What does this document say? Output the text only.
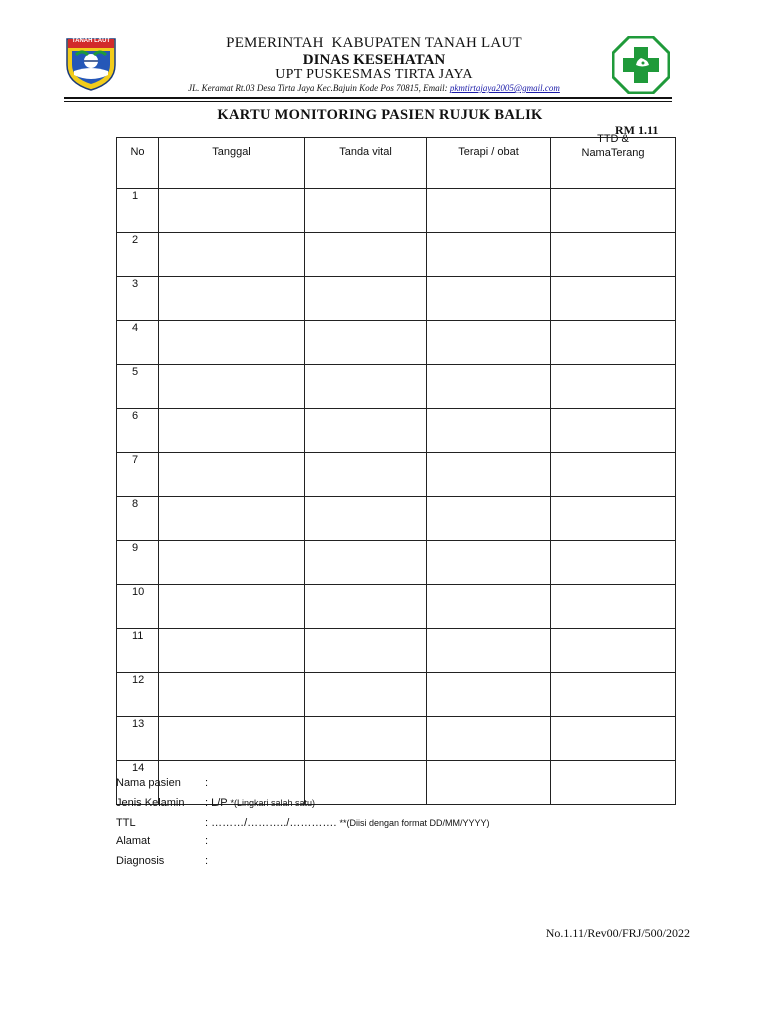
TANAH LAUT	PEMERINTAH  KABUPATEN TANAH LAUT
DINAS KESEHATAN
UPT PUSKESMAS TIRTA JAYA
JL. Keramat Rt.03 Desa Tirta Jaya Kec.Bajuin Kode Pos 70815, Email: pkmtirtajaya2005@gmail.com
KARTU MONITORING PASIEN RUJUK BALIK
RM 1.11
No	Tanggal	Tanda vital	Terapi / obat	TTD &
NamaTerang
1				
2				
3				
4				
5				
6				
7				
8				
9				
10				
11				
12				
13				
14				
Nama pasien	:
Jenis Kelamin	: L/P *(Lingkari salah satu)
TTL	: ………/………../…………. **(Diisi dengan format DD/MM/YYYY)
Alamat	:
Diagnosis	:
No.1.11/Rev00/FRJ/500/2022
